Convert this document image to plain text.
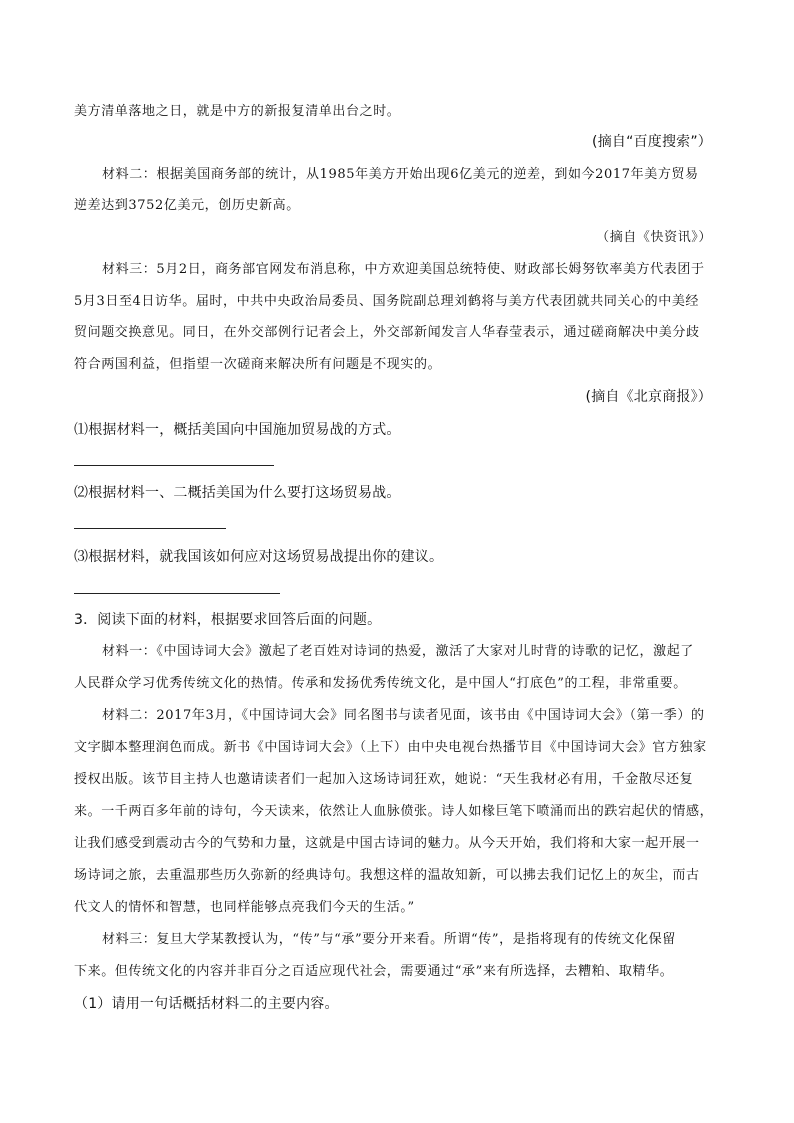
美方清单落地之日，就是中方的新报复清单出台之时。
(摘自“百度搜索”）
材料二：根据美国商务部的统计，从1985年美方开始出现6亿美元的逆差，到如今2017年美方贸易
逆差达到3752亿美元，创历史新高。
（摘自《快资讯》）
材料三：5月2日，商务部官网发布消息称，中方欢迎美国总统特使、财政部长姆努钦率美方代表团于
5月3日至4日访华。届时，中共中央政治局委员、国务院副总理刘鹤将与美方代表团就共同关心的中美经
贸问题交换意见。同日，在外交部例行记者会上，外交部新闻发言人华春莹表示，通过磋商解决中美分歧
符合两国利益，但指望一次磋商来解决所有问题是不现实的。
(摘自《北京商报》）
⑴根据材料一，概括美国向中国施加贸易战的方式。
⑵根据材料一、二概括美国为什么要打这场贸易战。
⑶根据材料，就我国该如何应对这场贸易战提出你的建议。
3．阅读下面的材料，根据要求回答后面的问题。
材料一：《中国诗词大会》激起了老百姓对诗词的热爱，激活了大家对儿时背的诗歌的记忆，激起了
人民群众学习优秀传统文化的热情。传承和发扬优秀传统文化，是中国人“打底色”的工程，非常重要。
材料二：2017年3月，《中国诗词大会》同名图书与读者见面，该书由《中国诗词大会》（第一季）的
文字脚本整理润色而成。新书《中国诗词大会》（上下）由中央电视台热播节目《中国诗词大会》官方独家
授权出版。该节目主持人也邀请读者们一起加入这场诗词狂欢，她说：“天生我材必有用，千金散尽还复
来。一千两百多年前的诗句，今天读来，依然让人血脉偾张。诗人如椽巨笔下喷涌而出的跌宕起伏的情感，
让我们感受到震动古今的气势和力量，这就是中国古诗词的魅力。从今天开始，我们将和大家一起开展一
场诗词之旅，去重温那些历久弥新的经典诗句。我想这样的温故知新，可以拂去我们记忆上的灰尘，而古
代文人的情怀和智慧，也同样能够点亮我们今天的生活。”
材料三：复旦大学某教授认为，“传”与“承”要分开来看。所谓“传”，是指将现有的传统文化保留
下来。但传统文化的内容并非百分之百适应现代社会，需要通过“承”来有所选择，去糟粕、取精华。
（1）请用一句话概括材料二的主要内容。
